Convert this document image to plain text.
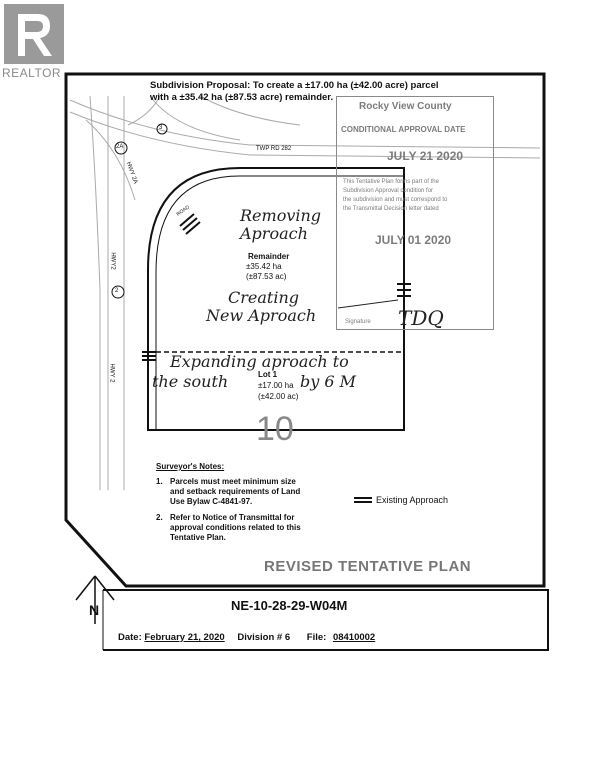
REALTOR
Subdivision Proposal: To create a ±17.00 ha (±42.00 acre) parcel
with a ±35.42 ha (±87.53 acre) remainder.
Rocky View County
CONDITIONAL APPROVAL DATE
JULY 21 2020
This Tentative Plan forms part of the
Subdivision Approval condition for
the subdivision and must correspond to
the Transmittal Decision letter dated
JULY 01 2020
Signature
TWP RD 282
2A
HWY 2A
2
HWY2
HWY 2
3
ROAD	Removing
Aproach
Creating
New Aproach
Expanding aproach to
the south	by 6 M
TDQ
Remainder
±35.42 ha
(±87.53 ac)
Lot 1
±17.00 ha
(±42.00 ac)
10
Surveyor's Notes:
1. Parcels must meet minimum size
and setback requirements of Land
Use Bylaw C-4841-97.
2. Refer to Notice of Transmittal for
approval conditions related to this
Tentative Plan.
Existing Approach
REVISED TENTATIVE PLAN
NE-10-28-29-W04M
N
Date: February 21, 2020 Division # 6 File: 08410002
